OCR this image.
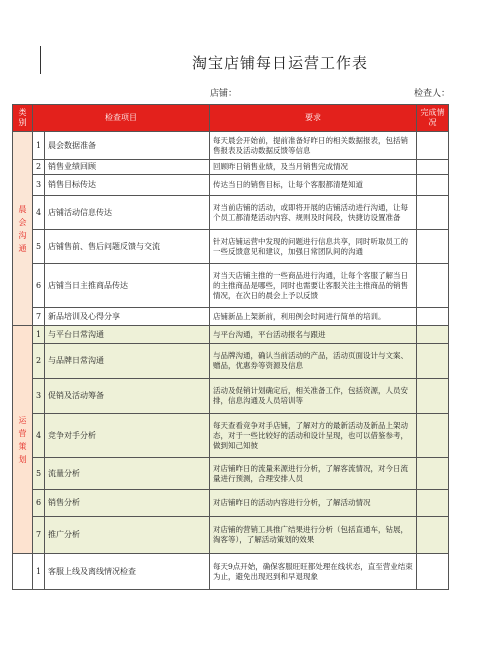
淘宝店铺每日运营工作表
店铺：	检查人：
类别	检查项目		要求	完成情况

晨会沟通	1	晨会数据准备	每天晨会开始前，提前准备好昨日的相关数据报表，包括销售报表及活动数据反馈等信息	
	2	销售业绩回顾	回顾昨日销售业绩，及当月销售完成情况	
	3	销售目标传达	传达当日的销售目标，让每个客服都清楚知道	
	4	店铺活动信息传达	对当前店铺的活动，或即将开展的店铺活动进行沟通，让每个员工都清楚活动内容、规则及时间段，快捷访设置准备	
	5	店铺售前、售后问题反馈与交流	针对店铺运营中发现的问题进行信息共享，同时听取员工的一些反馈意见和建议，加强日常团队间的沟通	
	6	店铺当日主推商品传达	对当天店铺主推的一些商品进行沟通，让每个客服了解当日的主推商品是哪些，同时也需要让客服关注主推商品的销售情况，在次日的晨会上予以反馈	
	7	新品培训及心得分享	店铺新品上架新前，利用例会时间进行简单的培训。	

运营策划	1	与平台日常沟通	与平台沟通，平台活动报名与跟进	
	2	与品牌日常沟通	与品牌沟通，确认当前活动的产品，活动页面设计与文案、赠品，优惠券等资源及信息	
	3	促销及活动筹备	活动及促销计划确定后，相关准备工作，包括资源，人员安排，信息沟通及人员培训等	
	4	竞争对手分析	每天查看竞争对手店铺，了解对方的最新活动及新品上架动态，对于一些比较好的活动和设计呈现，也可以借鉴参考，做到知己知彼	
	5	流量分析	对店铺昨日的流量来源进行分析，了解客流情况，对今日流量进行预测，合理安排人员	
	6	销售分析	对店铺昨日的活动内容进行分析，了解活动情况	
	7	推广分析	对店铺的营销工具推广结果进行分析（包括直通车，钻展，淘客等），了解活动策划的效果	

	1	客服上线及离线情况检查	每天9点开始，确保客服旺旺都处理在线状态，直至营业结束为止，避免出现迟到和早退现象	
